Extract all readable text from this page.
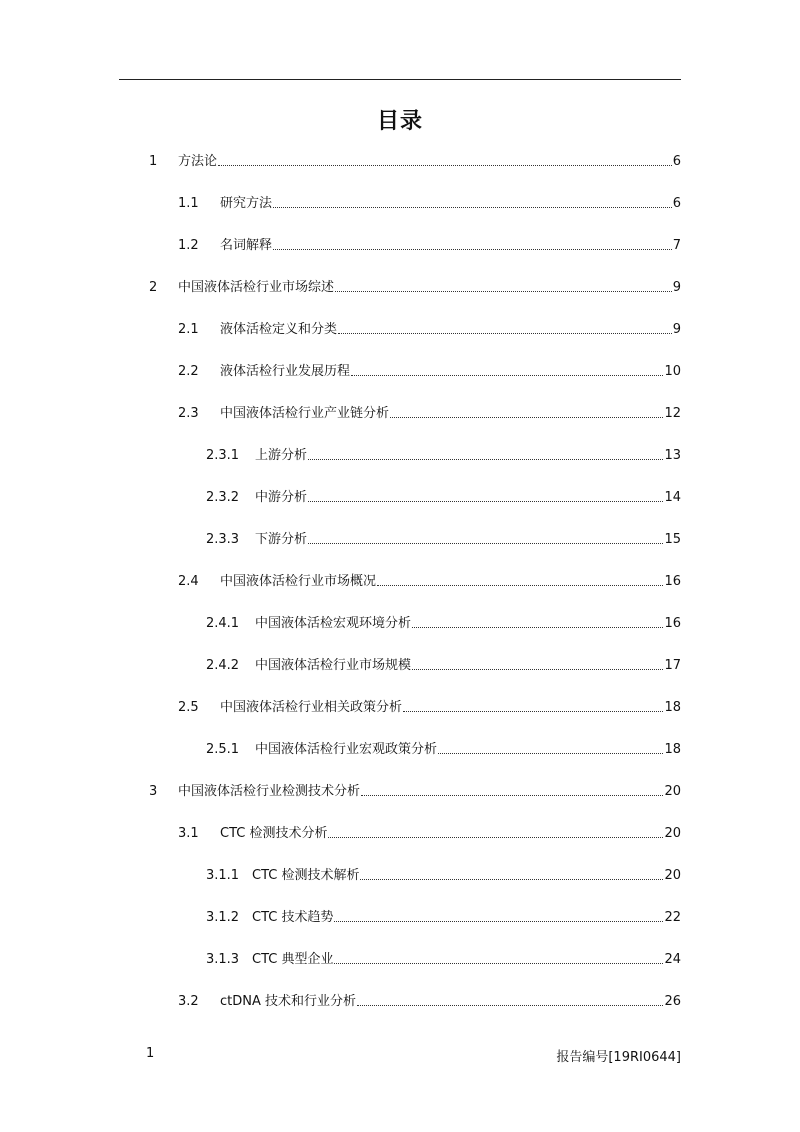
目录
1	方法论	6
1.1	研究方法	6
1.2	名词解释	7
2	中国液体活检行业市场综述	9
2.1	液体活检定义和分类	9
2.2	液体活检行业发展历程	10
2.3	中国液体活检行业产业链分析	12
2.3.1	上游分析	13
2.3.2	中游分析	14
2.3.3	下游分析	15
2.4	中国液体活检行业市场概况	16
2.4.1	中国液体活检宏观环境分析	16
2.4.2	中国液体活检行业市场规模	17
2.5	中国液体活检行业相关政策分析	18
2.5.1	中国液体活检行业宏观政策分析	18
3	中国液体活检行业检测技术分析	20
3.1	CTC 检测技术分析	20
3.1.1 CTC 检测技术解析	20
3.1.2 CTC 技术趋势	22
3.1.3 CTC 典型企业	24
3.2	ctDNA 技术和行业分析	26
1	报告编号[19RI0644]
